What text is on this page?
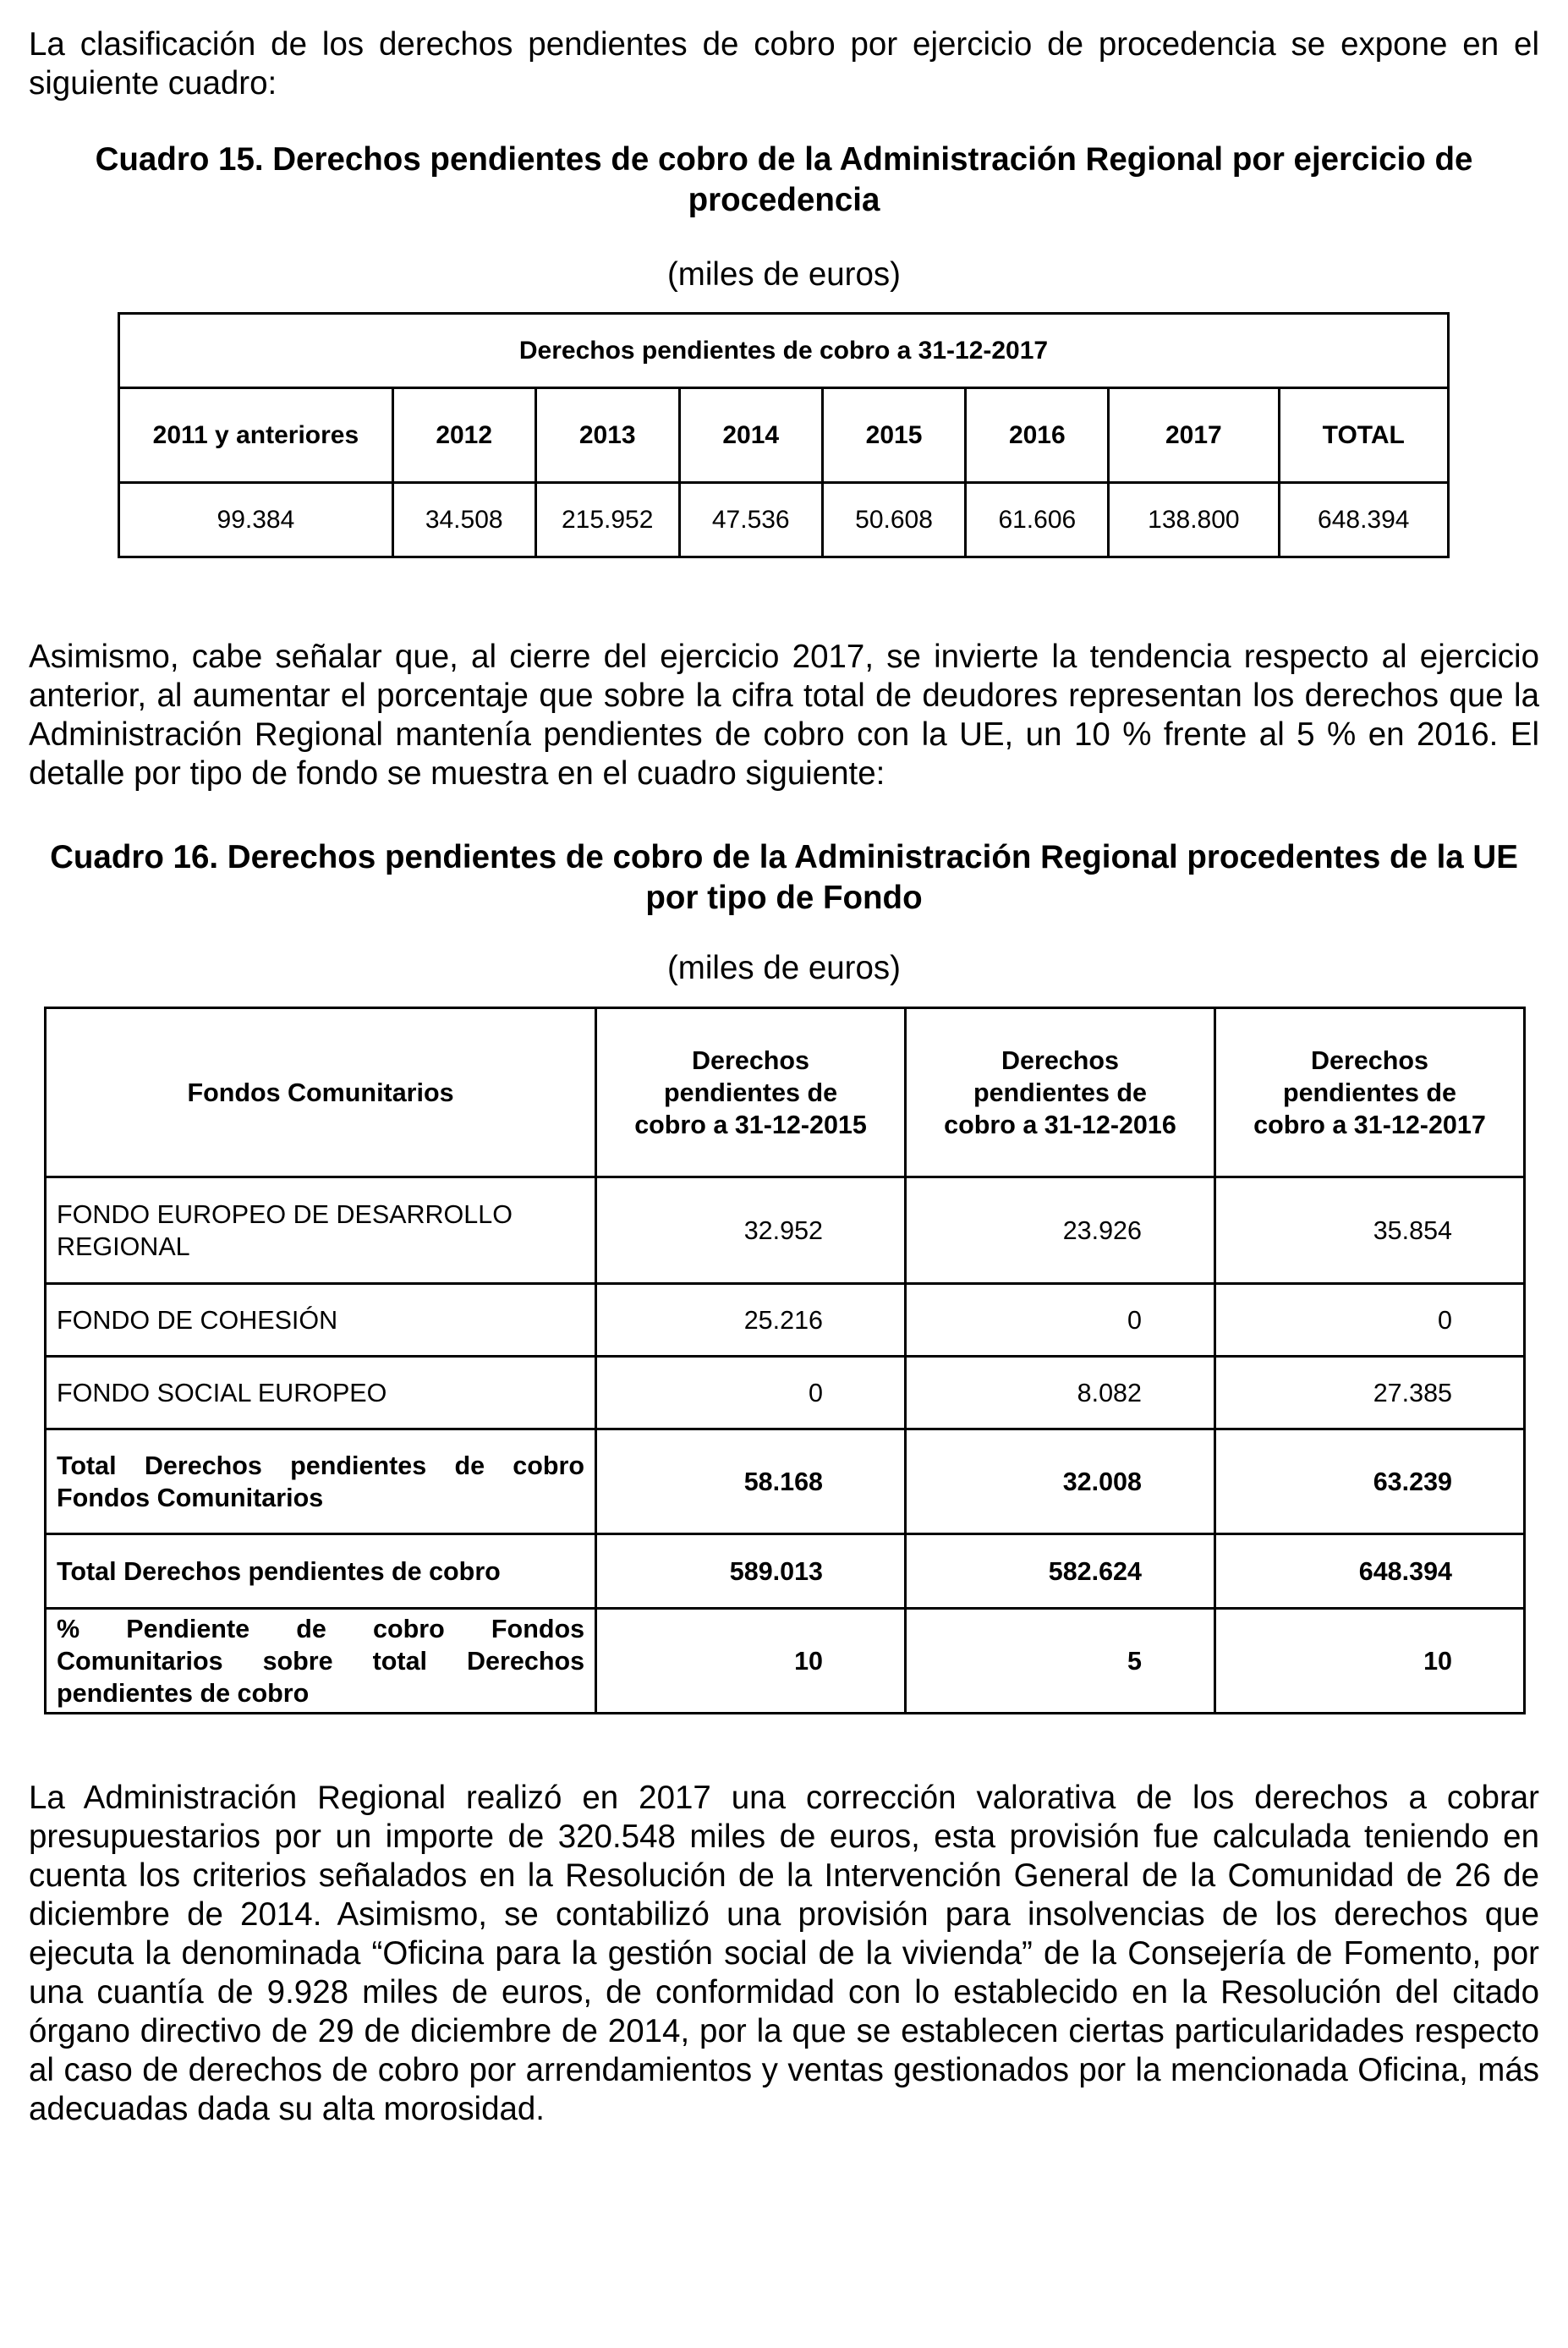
La clasificación de los derechos pendientes de cobro por ejercicio de procedencia se expone en el siguiente cuadro:

Cuadro 15. Derechos pendientes de cobro de la Administración Regional por ejercicio de procedencia

(miles de euros)

Derechos pendientes de cobro a 31-12-2017							
2011 y anteriores	2012	2013	2014	2015	2016	2017	TOTAL
99.384	34.508	215.952	47.536	50.608	61.606	138.800	648.394

Asimismo, cabe señalar que, al cierre del ejercicio 2017, se invierte la tendencia respecto al ejercicio anterior, al aumentar el porcentaje que sobre la cifra total de deudores representan los derechos que la Administración Regional mantenía pendientes de cobro con la UE, un 10 % frente al 5 % en 2016. El detalle por tipo de fondo se muestra en el cuadro siguiente:

Cuadro 16. Derechos pendientes de cobro de la Administración Regional procedentes de la UE por tipo de Fondo

(miles de euros)

Fondos Comunitarios	Derechos pendientes de cobro a 31-12-2015	Derechos pendientes de cobro a 31-12-2016	Derechos pendientes de cobro a 31-12-2017
FONDO EUROPEO DE DESARROLLO REGIONAL	32.952	23.926	35.854
FONDO DE COHESIÓN	25.216	0	0
FONDO SOCIAL EUROPEO	0	8.082	27.385
Total Derechos pendientes de cobro Fondos Comunitarios	58.168	32.008	63.239
Total Derechos pendientes de cobro	589.013	582.624	648.394
% Pendiente de cobro Fondos Comunitarios sobre total Derechos pendientes de cobro	10	5	10

La Administración Regional realizó en 2017 una corrección valorativa de los derechos a cobrar presupuestarios por un importe de 320.548 miles de euros, esta provisión fue calculada teniendo en cuenta los criterios señalados en la Resolución de la Intervención General de la Comunidad de 26 de diciembre de 2014. Asimismo, se contabilizó una provisión para insolvencias de los derechos que ejecuta la denominada “Oficina para la gestión social de la vivienda” de la Consejería de Fomento, por una cuantía de 9.928 miles de euros, de conformidad con lo establecido en la Resolución del citado órgano directivo de 29 de diciembre de 2014, por la que se establecen ciertas particularidades respecto al caso de derechos de cobro por arrendamientos y ventas gestionados por la mencionada Oficina, más adecuadas dada su alta morosidad.
